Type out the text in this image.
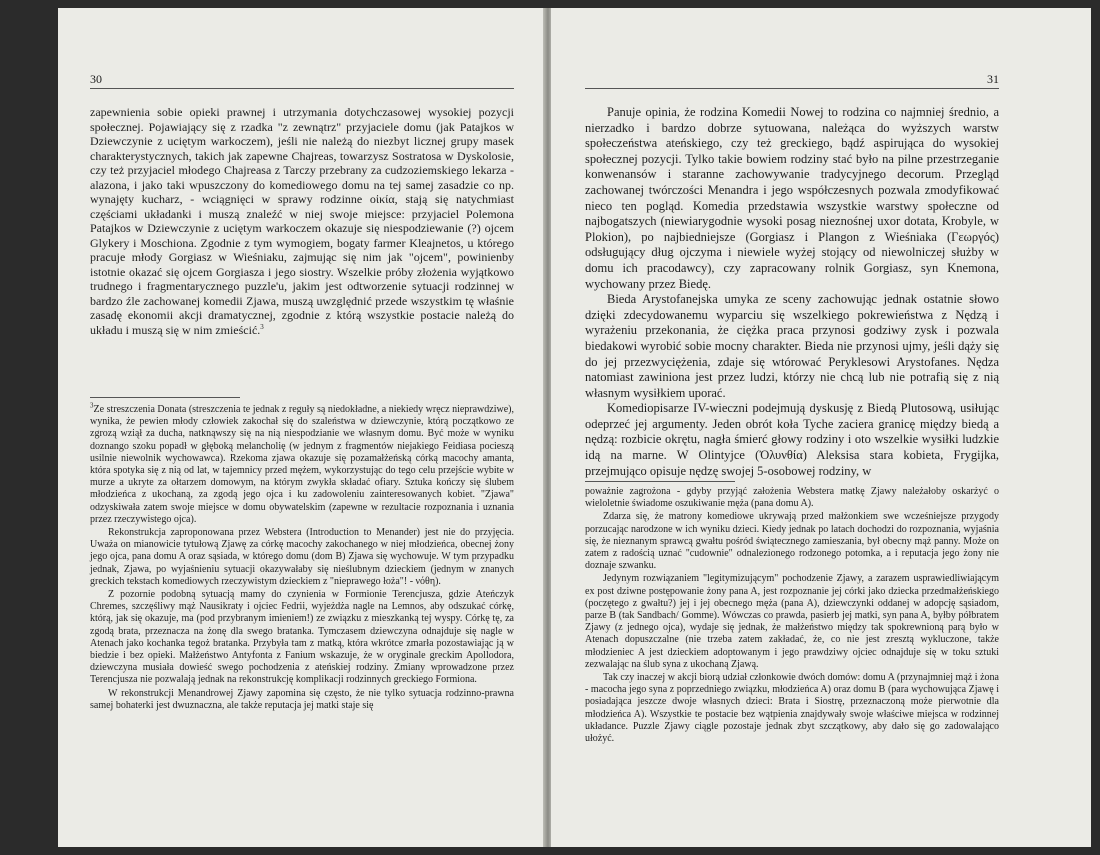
30

zapewnienia sobie opieki prawnej i utrzymania dotychczasowej wysokiej pozycji społecznej. Pojawiający się z rzadka "z zewnątrz" przyjaciele domu (jak Patajkos w Dziewczynie z uciętym warkoczem), jeśli nie należą do niezbyt licznej grupy masek charakterystycznych, takich jak zapewne Chajreas, towarzysz Sostratosa w Dyskolosie, czy też przyjaciel młodego Chajreasa z Tarczy przebrany za cudzoziemskiego lekarza - alazona, i jako taki wpuszczony do komediowego domu na tej samej zasadzie co np. wynajęty kucharz, - wciągnięci w sprawy rodzinne οἰκία, stają się natychmiast częściami układanki i muszą znaleźć w niej swoje miejsce: przyjaciel Polemona Patajkos w Dziewczynie z uciętym warkoczem okazuje się niespodziewanie (?) ojcem Glykery i Moschiona. Zgodnie z tym wymogiem, bogaty farmer Kleajnetos, u którego pracuje młody Gorgiasz w Wieśniaku, zajmując się nim jak "ojcem", powinienby istotnie okazać się ojcem Gorgiasza i jego siostry. Wszelkie próby złożenia wyjątkowo trudnego i fragmentarycznego puzzle'u, jakim jest odtworzenie sytuacji rodzinnej w bardzo źle zachowanej komedii Zjawa, muszą uwzględnić przede wszystkim tę właśnie zasadę ekonomii akcji dramatycznej, zgodnie z którą wszystkie postacie należą do układu i muszą się w nim zmieścić.$^3$

$^3$Ze streszczenia Donata (streszczenia te jednak z reguły są niedokładne, a niekiedy wręcz nieprawdziwe), wynika, że pewien młody człowiek zakochał się do szaleństwa w dziewczynie, którą początkowo ze zgrozą wziął za ducha, natknąwszy się na nią niespodzianie we własnym domu. Być może w wyniku doznango szoku popadł w głęboką melancholię (w jednym z fragmentów niejakiego Feidiasa pocieszą usilnie niewolnik wychowawca). Rzekoma zjawa okazuje się pozamałżeńską córką macochy amanta, która spotyka się z nią od lat, w tajemnicy przed mężem, wykorzystując do tego celu przejście wybite w murze a ukryte za ołtarzem domowym, na którym zwykła składać ofiary. Sztuka kończy się ślubem młodzieńca z ukochaną, za zgodą jego ojca i ku zadowoleniu zainteresowanych kobiet. "Zjawa" odzyskiwała zatem swoje miejsce w domu obywatelskim (zapewne w rezultacie rozpoznania i uznania przez rzeczywistego ojca).

Rekonstrukcja zaproponowana przez Webstera (Introduction to Menander) jest nie do przyjęcia. Uważa on mianowicie tytułową Zjawę za córkę macochy zakochanego w niej młodzieńca, obecnej żony jego ojca, pana domu A oraz sąsiada, w którego domu (dom B) Zjawa się wychowuje. W tym przypadku jednak, Zjawa, po wyjaśnieniu sytuacji okazywałaby się nieślubnym dzieckiem (jednym w znanych greckich tekstach komediowych rzeczywistym dzieckiem z "nieprawego łoża"! - νόθη).

Z pozornie podobną sytuacją mamy do czynienia w Formionie Terencjusza, gdzie Ateńczyk Chremes, szczęśliwy mąż Nausikraty i ojciec Fedrii, wyjeżdża nagle na Lemnos, aby odszukać córkę, którą, jak się okazuje, ma (pod przybranym imieniem!) ze związku z mieszkanką tej wyspy. Córkę tę, za zgodą brata, przeznacza na żonę dla swego bratanka. Tymczasem dziewczyna odnajduje się nagle w Atenach jako kochanka tegoż bratanka. Przybyła tam z matką, która wkrótce zmarła pozostawiając ją w biedzie i bez opieki. Małżeństwo Antyfonta z Fanium wskazuje, że w oryginale greckim Apollodora, dziewczyna musiała dowieść swego pochodzenia z ateńskiej rodziny. Zmiany wprowadzone przez Terencjusza nie pozwalają jednak na rekonstrukcję komplikacji rodzinnych greckiego Formiona.

W rekonstrukcji Menandrowej Zjawy zapomina się często, że nie tylko sytuacja rodzinno-prawna samej bohaterki jest dwuznaczna, ale także reputacja jej matki staje się

31

Panuje opinia, że rodzina Komedii Nowej to rodzina co najmniej średnio, a nierzadko i bardzo dobrze sytuowana, należąca do wyższych warstw społeczeństwa ateńskiego, czy też greckiego, bądź aspirująca do wysokiej społecznej pozycji. Tylko takie bowiem rodziny stać było na pilne przestrzeganie konwenansów i staranne zachowywanie tradycyjnego decorum. Przegląd zachowanej twórczości Menandra i jego współczesnych pozwala zmodyfikować nieco ten pogląd. Komedia przedstawia wszystkie warstwy społeczne od najbogatszych (niewiarygodnie wysoki posag nieznośnej uxor dotata, Krobyle, w Plokion), po najbiedniejsze (Gorgiasz i Plangon z Wieśniaka (Γεωργός) odsługujący dług ojczyma i niewiele wyżej stojący od niewolniczej służby w domu ich pracodawcy), czy zapracowany rolnik Gorgiasz, syn Knemona, wychowany przez Biedę.

Bieda Arystofanejska umyka ze sceny zachowując jednak ostatnie słowo dzięki zdecydowanemu wyparciu się wszelkiego pokrewieństwa z Nędzą i wyrażeniu przekonania, że ciężka praca przynosi godziwy zysk i pozwala biedakowi wyrobić sobie mocny charakter. Bieda nie przynosi ujmy, jeśli dąży się do jej przezwyciężenia, zdaje się wtórować Peryklesowi Arystofanes. Nędza natomiast zawiniona jest przez ludzi, którzy nie chcą lub nie potrafią się z nią własnym wysiłkiem uporać.

Komediopisarze IV-wiecznі podejmują dyskusję z Biedą Plutosową, usiłując odeprzeć jej argumenty. Jeden obrót koła Tyche zaciera granicę między biedą a nędzą: rozbicie okrętu, nagła śmierć głowy rodziny i oto wszelkie wysiłki ludzkie idą na marne. W Olintyjce (Ὀλυνθία) Aleksisa stara kobieta, Frygijka, przejmująco opisuje nędzę swojej 5-osobowej rodziny, w

poważnie zagrożona - gdyby przyjąć założenia Webstera matkę Zjawy należałoby oskarżyć o wieloletnie świadome oszukiwanie męża (pana domu A).

Zdarza się, że matrony komediowe ukrywają przed małżonkiem swe wcześniejsze przygody porzucając narodzone w ich wyniku dzieci. Kiedy jednak po latach dochodzi do rozpoznania, wyjaśnia się, że nieznanym sprawcą gwałtu pośród świątecznego zamieszania, był obecny mąż panny. Może on zatem z radością uznać "cudownie" odnalezionego rodzonego potomka, a i reputacja jego żony nie doznaje szwanku.

Jedynym rozwiązaniem "legitymizującym" pochodzenie Zjawy, a zarazem usprawiedliwiającym ex post dziwne postępowanie żony pana A, jest rozpoznanie jej córki jako dziecka przedmałżeńskiego (poczętego z gwałtu?) jej i jej obecnego męża (pana A), dziewczynki oddanej w adopcję sąsiadom, parze B (tak Sandbach/ Gomme). Wówczas co prawda, pasierb jej matki, syn pana A, byłby półbratem Zjawy (z jednego ojca), wydaje się jednak, że małżeństwo między tak spokrewnioną parą było w Atenach dopuszczalne (nie trzeba zatem zakładać, że, co nie jest zresztą wykluczone, także młodzieniec A jest dzieckiem adoptowanym i jego prawdziwy ojciec odnajduje się w toku sztuki zezwalając na ślub syna z ukochaną Zjawą.

Tak czy inaczej w akcji biorą udział członkowie dwóch domów: domu A (przynajmniej mąż i żona - macocha jego syna z poprzedniego związku, młodzieńca A) oraz domu B (para wychowująca Zjawę i posiadająca jeszcze dwoje własnych dzieci: Brata i Siostrę, przeznaczoną może pierwotnie dla młodzieńca A). Wszystkie te postacie bez wątpienia znajdywały swoje właściwe miejsca w rodzinnej układance. Puzzle Zjawy ciągle pozostaje jednak zbyt szczątkowy, aby dało się go zadowalająco ułożyć.
